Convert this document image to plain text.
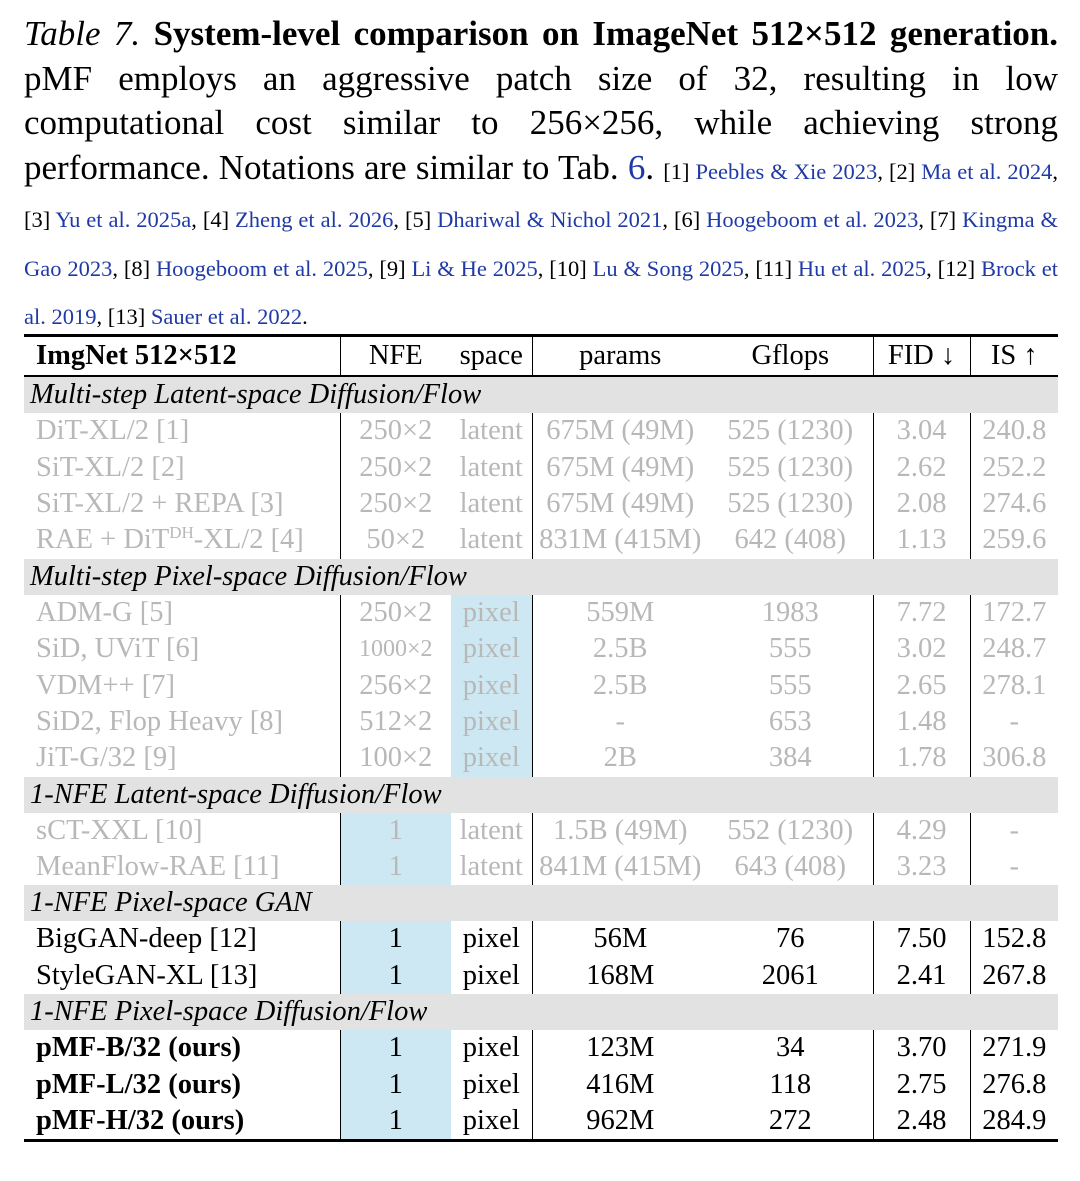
Table 7. System-level comparison on ImageNet 512×512 generation. pMF employs an aggressive patch size of 32, resulting in low computational cost similar to 256×256, while achieving strong performance. Notations are similar to Tab. 6. [1] Peebles & Xie 2023, [2] Ma et al. 2024, [3] Yu et al. 2025a, [4] Zheng et al. 2026, [5] Dhariwal & Nichol 2021, [6] Hoogeboom et al. 2023, [7] Kingma & Gao 2023, [8] Hoogeboom et al. 2025, [9] Li & He 2025, [10] Lu & Song 2025, [11] Hu et al. 2025, [12] Brock et al. 2019, [13] Sauer et al. 2022.
ImgNet 512×512	NFE	space	params	Gflops	FID ↓	IS ↑
Multi-step Latent-space Diffusion/Flow						
DiT-XL/2 [1]	250×2	latent	675M (49M)	525 (1230)	3.04	240.8
SiT-XL/2 [2]	250×2	latent	675M (49M)	525 (1230)	2.62	252.2
SiT-XL/2 + REPA [3]	250×2	latent	675M (49M)	525 (1230)	2.08	274.6
RAE + DiT$^{DH}$-XL/2 [4]	50×2	latent	831M (415M)	642 (408)	1.13	259.6
Multi-step Pixel-space Diffusion/Flow						
ADM-G [5]	250×2	pixel	559M	1983	7.72	172.7
SiD, UViT [6]	1000×2	pixel	2.5B	555	3.02	248.7
VDM++ [7]	256×2	pixel	2.5B	555	2.65	278.1
SiD2, Flop Heavy [8]	512×2	pixel	-	653	1.48	-
JiT-G/32 [9]	100×2	pixel	2B	384	1.78	306.8
1-NFE Latent-space Diffusion/Flow						
sCT-XXL [10]	1	latent	1.5B (49M)	552 (1230)	4.29	-
MeanFlow-RAE [11]	1	latent	841M (415M)	643 (408)	3.23	-
1-NFE Pixel-space GAN						
BigGAN-deep [12]	1	pixel	56M	76	7.50	152.8
StyleGAN-XL [13]	1	pixel	168M	2061	2.41	267.8
1-NFE Pixel-space Diffusion/Flow						
pMF-B/32 (ours)	1	pixel	123M	34	3.70	271.9
pMF-L/32 (ours)	1	pixel	416M	118	2.75	276.8
pMF-H/32 (ours)	1	pixel	962M	272	2.48	284.9
